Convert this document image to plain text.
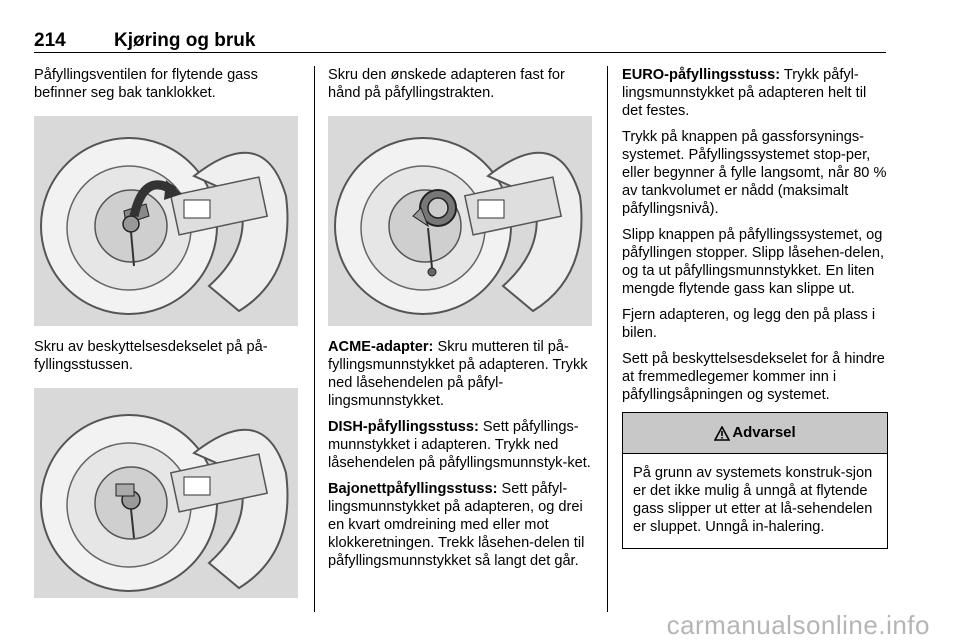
214	Kjøring og bruk

Påfyllingsventilen for flytende gass befinner seg bak tanklokket.

Skru av beskyttelsesdekselet på på-fyllingsstussen.

Skru den ønskede adapteren fast for hånd på påfyllingstrakten.

ACME-adapter: Skru mutteren til på-fyllingsmunnstykket på adapteren. Trykk ned låsehendelen på påfyl-lingsmunnstykket.

DISH-påfyllingsstuss: Sett påfyllings-munnstykket i adapteren. Trykk ned låsehendelen på påfyllingsmunnstyk-ket.

Bajonettpåfyllingsstuss: Sett påfyl-lingsmunnstykket på adapteren, og drei en kvart omdreining med eller mot klokkeretningen. Trekk låsehen-delen til påfyllingsmunnstykket så langt det går.

EURO-påfyllingsstuss: Trykk påfyl-lingsmunnstykket på adapteren helt til det festes.

Trykk på knappen på gassforsynings-systemet. Påfyllingssystemet stop-per, eller begynner å fylle langsomt, når 80 % av tankvolumet er nådd (maksimalt påfyllingsnivå).

Slipp knappen på påfyllingssystemet, og påfyllingen stopper. Slipp låsehen-delen, og ta ut påfyllingsmunnstykket. En liten mengde flytende gass kan slippe ut.

Fjern adapteren, og legg den på plass i bilen.

Sett på beskyttelsesdekselet for å hindre at fremmedlegemer kommer inn i påfyllingsåpningen og systemet.

Advarsel
På grunn av systemets konstruk-sjon er det ikke mulig å unngå at flytende gass slipper ut etter at lå-sehendelen er sluppet. Unngå in-halering.
carmanualsonline.info
